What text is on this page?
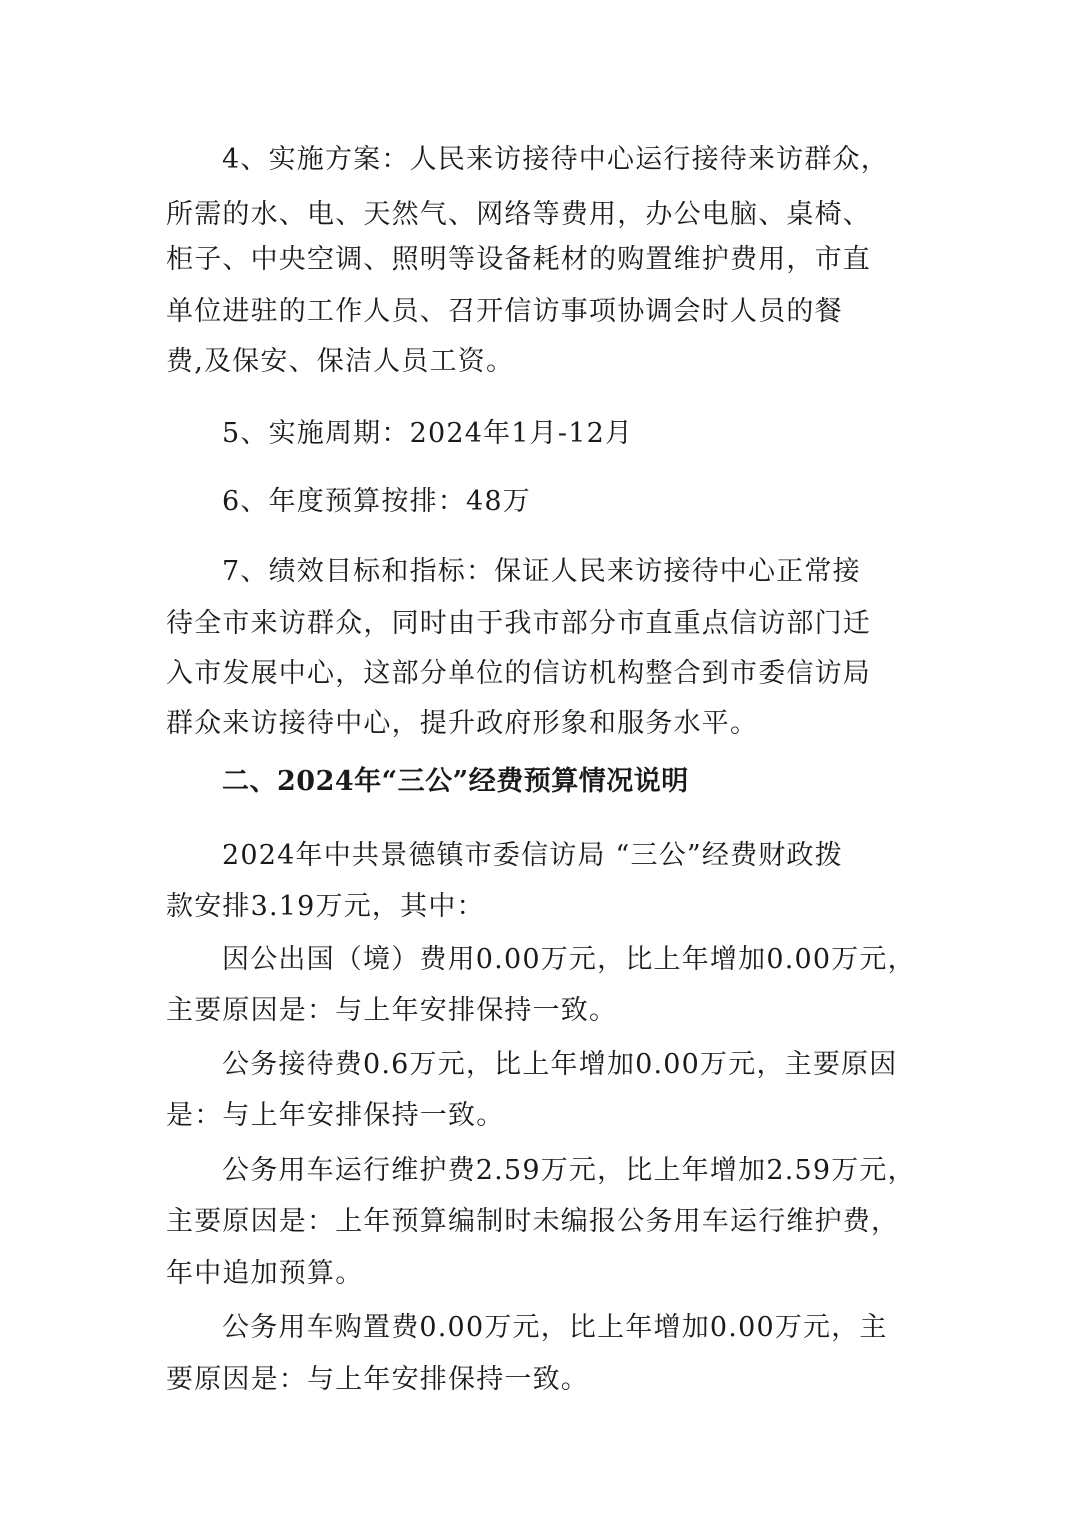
4、实施方案：人民来访接待中心运行接待来访群众，
所需的水、电、天然气、网络等费用，办公电脑、桌椅、
柜子、中央空调、照明等设备耗材的购置维护费用，市直
单位进驻的工作人员、召开信访事项协调会时人员的餐
费,及保安、保洁人员工资。
5、实施周期：2024年1月-12月
6、年度预算按排：48万
7、绩效目标和指标：保证人民来访接待中心正常接
待全市来访群众，同时由于我市部分市直重点信访部门迁
入市发展中心，这部分单位的信访机构整合到市委信访局
群众来访接待中心，提升政府形象和服务水平。
二、2024年“三公”经费预算情况说明
2024年中共景德镇市委信访局 “三公”经费财政拨
款安排3.19万元，其中：
因公出国（境）费用0.00万元，比上年增加0.00万元，
主要原因是：与上年安排保持一致。
公务接待费0.6万元，比上年增加0.00万元，主要原因
是：与上年安排保持一致。
公务用车运行维护费2.59万元，比上年增加2.59万元，
主要原因是：上年预算编制时未编报公务用车运行维护费，
年中追加预算。
公务用车购置费0.00万元，比上年增加0.00万元，主
要原因是：与上年安排保持一致。
